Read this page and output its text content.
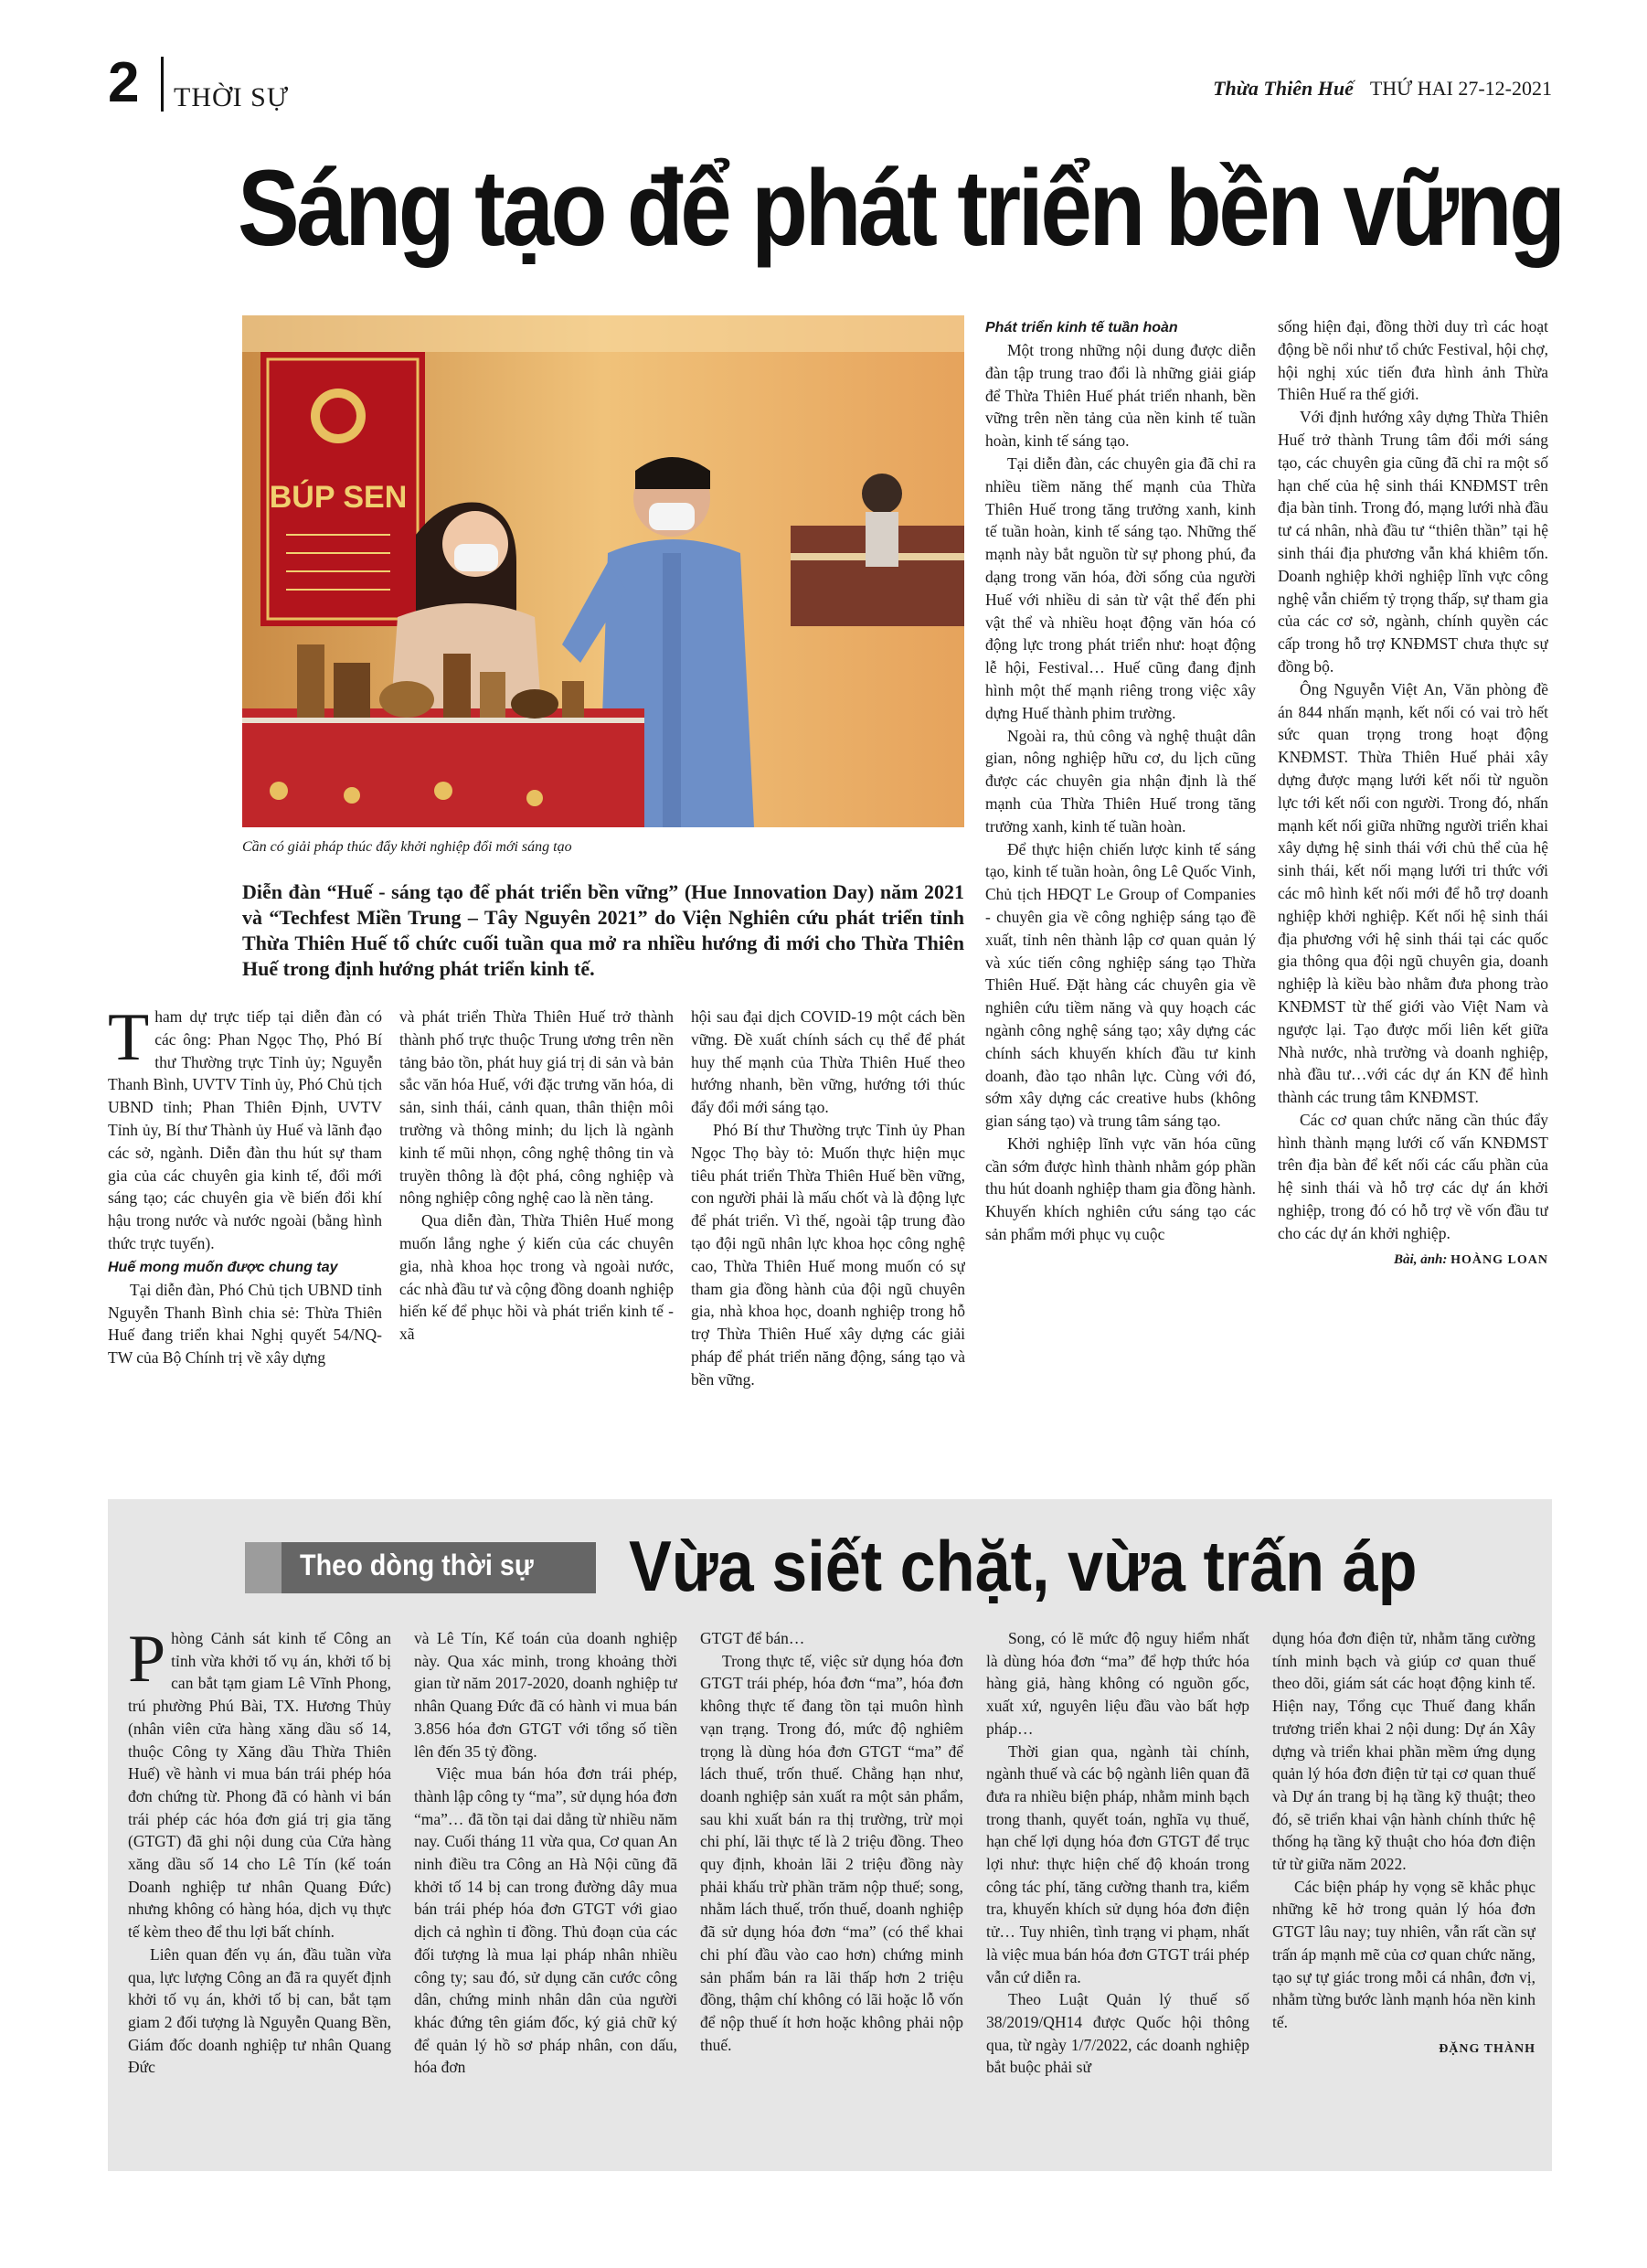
2 THỜI SỰ	Thừa Thiên Huế THỨ HAI 27-12-2021
Sáng tạo để phát triển bền vững
BÚP SEN
Cần có giải pháp thúc đẩy khởi nghiệp đổi mới sáng tạo
Diễn đàn “Huế - sáng tạo để phát triển bền vững” (Hue Innovation Day) năm 2021 và “Techfest Miền Trung – Tây Nguyên 2021” do Viện Nghiên cứu phát triển tỉnh Thừa Thiên Huế tổ chức cuối tuần qua mở ra nhiều hướng đi mới cho Thừa Thiên Huế trong định hướng phát triển kinh tế.

Tham dự trực tiếp tại diễn đàn có các ông: Phan Ngọc Thọ, Phó Bí thư Thường trực Tỉnh ủy; Nguyễn Thanh Bình, UVTV Tỉnh ủy, Phó Chủ tịch UBND tỉnh; Phan Thiên Định, UVTV Tỉnh ủy, Bí thư Thành ủy Huế và lãnh đạo các sở, ngành. Diễn đàn thu hút sự tham gia của các chuyên gia kinh tế, đổi mới sáng tạo; các chuyên gia về biến đổi khí hậu trong nước và nước ngoài (bằng hình thức trực tuyến).

Huế mong muốn được chung tay

Tại diễn đàn, Phó Chủ tịch UBND tỉnh Nguyễn Thanh Bình chia sẻ: Thừa Thiên Huế đang triển khai Nghị quyết 54/NQ-TW của Bộ Chính trị về xây dựng

và phát triển Thừa Thiên Huế trở thành thành phố trực thuộc Trung ương trên nền tảng bảo tồn, phát huy giá trị di sản và bản sắc văn hóa Huế, với đặc trưng văn hóa, di sản, sinh thái, cảnh quan, thân thiện môi trường và thông minh; du lịch là ngành kinh tế mũi nhọn, công nghệ thông tin và truyền thông là đột phá, công nghiệp và nông nghiệp công nghệ cao là nền tảng.

Qua diễn đàn, Thừa Thiên Huế mong muốn lắng nghe ý kiến của các chuyên gia, nhà khoa học trong và ngoài nước, các nhà đầu tư và cộng đồng doanh nghiệp hiến kế để phục hồi và phát triển kinh tế - xã

hội sau đại dịch COVID-19 một cách bền vững. Đề xuất chính sách cụ thể để phát huy thế mạnh của Thừa Thiên Huế theo hướng nhanh, bền vững, hướng tới thúc đẩy đổi mới sáng tạo.

Phó Bí thư Thường trực Tỉnh ủy Phan Ngọc Thọ bày tỏ: Muốn thực hiện mục tiêu phát triển Thừa Thiên Huế bền vững, con người phải là mấu chốt và là động lực để phát triển. Vì thế, ngoài tập trung đào tạo đội ngũ nhân lực khoa học công nghệ cao, Thừa Thiên Huế mong muốn có sự tham gia đồng hành của đội ngũ chuyên gia, nhà khoa học, doanh nghiệp trong hỗ trợ Thừa Thiên Huế xây dựng các giải pháp để phát triển năng động, sáng tạo và bền vững.

Phát triển kinh tế tuần hoàn

Một trong những nội dung được diễn đàn tập trung trao đổi là những giải giáp để Thừa Thiên Huế phát triển nhanh, bền vững trên nền tảng của nền kinh tế tuần hoàn, kinh tế sáng tạo.

Tại diễn đàn, các chuyên gia đã chỉ ra nhiều tiềm năng thế mạnh của Thừa Thiên Huế trong tăng trưởng xanh, kinh tế tuần hoàn, kinh tế sáng tạo. Những thế mạnh này bắt nguồn từ sự phong phú, đa dạng trong văn hóa, đời sống của người Huế với nhiều di sản từ vật thể đến phi vật thể và nhiều hoạt động văn hóa có động lực trong phát triển như: hoạt động lễ hội, Festival… Huế cũng đang định hình một thế mạnh riêng trong việc xây dựng Huế thành phim trường.

Ngoài ra, thủ công và nghệ thuật dân gian, nông nghiệp hữu cơ, du lịch cũng được các chuyên gia nhận định là thế mạnh của Thừa Thiên Huế trong tăng trưởng xanh, kinh tế tuần hoàn.

Để thực hiện chiến lược kinh tế sáng tạo, kinh tế tuần hoàn, ông Lê Quốc Vinh, Chủ tịch HĐQT Le Group of Companies - chuyên gia về công nghiệp sáng tạo đề xuất, tỉnh nên thành lập cơ quan quản lý và xúc tiến công nghiệp sáng tạo Thừa Thiên Huế. Đặt hàng các chuyên gia về nghiên cứu tiềm năng và quy hoạch các ngành công nghệ sáng tạo; xây dựng các chính sách khuyến khích đầu tư kinh doanh, đào tạo nhân lực. Cùng với đó, sớm xây dựng các creative hubs (không gian sáng tạo) và trung tâm sáng tạo.

Khởi nghiệp lĩnh vực văn hóa cũng cần sớm được hình thành nhằm góp phần thu hút doanh nghiệp tham gia đồng hành. Khuyến khích nghiên cứu sáng tạo các sản phẩm mới phục vụ cuộc

sống hiện đại, đồng thời duy trì các hoạt động bề nổi như tổ chức Festival, hội chợ, hội nghị xúc tiến đưa hình ảnh Thừa Thiên Huế ra thế giới.

Với định hướng xây dựng Thừa Thiên Huế trở thành Trung tâm đổi mới sáng tạo, các chuyên gia cũng đã chỉ ra một số hạn chế của hệ sinh thái KNĐMST trên địa bàn tỉnh. Trong đó, mạng lưới nhà đầu tư cá nhân, nhà đầu tư “thiên thần” tại hệ sinh thái địa phương vẫn khá khiêm tốn. Doanh nghiệp khởi nghiệp lĩnh vực công nghệ vẫn chiếm tỷ trọng thấp, sự tham gia của các cơ sở, ngành, chính quyền các cấp trong hỗ trợ KNĐMST chưa thực sự đồng bộ.

Ông Nguyễn Việt An, Văn phòng đề án 844 nhấn mạnh, kết nối có vai trò hết sức quan trọng trong hoạt động KNĐMST. Thừa Thiên Huế phải xây dựng được mạng lưới kết nối từ nguồn lực tới kết nối con người. Trong đó, nhấn mạnh kết nối giữa những người triển khai xây dựng hệ sinh thái với chủ thể của hệ sinh thái, kết nối mạng lưới tri thức với các mô hình kết nối mới để hỗ trợ doanh nghiệp khởi nghiệp. Kết nối hệ sinh thái địa phương với hệ sinh thái tại các quốc gia thông qua đội ngũ chuyên gia, doanh nghiệp là kiều bào nhằm đưa phong trào KNĐMST từ thế giới vào Việt Nam và ngược lại. Tạo được mối liên kết giữa Nhà nước, nhà trường và doanh nghiệp, nhà đầu tư…với các dự án KN để hình thành các trung tâm KNĐMST.

Các cơ quan chức năng cần thúc đẩy hình thành mạng lưới cố vấn KNĐMST trên địa bàn để kết nối các cấu phần của hệ sinh thái và hỗ trợ các dự án khởi nghiệp, trong đó có hỗ trợ về vốn đầu tư cho các dự án khởi nghiệp.

Bài, ảnh: HOÀNG LOAN
Theo dòng thời sự Vừa siết chặt, vừa trấn áp

Phòng Cảnh sát kinh tế Công an tỉnh vừa khởi tố vụ án, khởi tố bị can bắt tạm giam Lê Vĩnh Phong, trú phường Phú Bài, TX. Hương Thủy (nhân viên cửa hàng xăng dầu số 14, thuộc Công ty Xăng dầu Thừa Thiên Huế) về hành vi mua bán trái phép hóa đơn chứng từ. Phong đã có hành vi bán trái phép các hóa đơn giá trị gia tăng (GTGT) đã ghi nội dung của Cửa hàng xăng dầu số 14 cho Lê Tín (kế toán Doanh nghiệp tư nhân Quang Đức) nhưng không có hàng hóa, dịch vụ thực tế kèm theo để thu lợi bất chính.

Liên quan đến vụ án, đầu tuần vừa qua, lực lượng Công an đã ra quyết định khởi tố vụ án, khởi tố bị can, bắt tạm giam 2 đối tượng là Nguyễn Quang Bền, Giám đốc doanh nghiệp tư nhân Quang Đức

và Lê Tín, Kế toán của doanh nghiệp này. Qua xác minh, trong khoảng thời gian từ năm 2017-2020, doanh nghiệp tư nhân Quang Đức đã có hành vi mua bán 3.856 hóa đơn GTGT với tổng số tiền lên đến 35 tỷ đồng.

Việc mua bán hóa đơn trái phép, thành lập công ty “ma”, sử dụng hóa đơn “ma”… đã tồn tại dai dẳng từ nhiều năm nay. Cuối tháng 11 vừa qua, Cơ quan An ninh điều tra Công an Hà Nội cũng đã khởi tố 14 bị can trong đường dây mua bán trái phép hóa đơn GTGT với giao dịch cả nghìn tỉ đồng. Thủ đoạn của các đối tượng là mua lại pháp nhân nhiều công ty; sau đó, sử dụng căn cước công dân, chứng minh nhân dân của người khác đứng tên giám đốc, ký giả chữ ký để quản lý hồ sơ pháp nhân, con dấu, hóa đơn

GTGT để bán…

Trong thực tế, việc sử dụng hóa đơn GTGT trái phép, hóa đơn “ma”, hóa đơn không thực tế đang tồn tại muôn hình vạn trạng. Trong đó, mức độ nghiêm trọng là dùng hóa đơn GTGT “ma” để lách thuế, trốn thuế. Chẳng hạn như, doanh nghiệp sản xuất ra một sản phẩm, sau khi xuất bán ra thị trường, trừ mọi chi phí, lãi thực tế là 2 triệu đồng. Theo quy định, khoản lãi 2 triệu đồng này phải khấu trừ phần trăm nộp thuế; song, nhằm lách thuế, trốn thuế, doanh nghiệp đã sử dụng hóa đơn “ma” (có thể khai chi phí đầu vào cao hơn) chứng minh sản phẩm bán ra lãi thấp hơn 2 triệu đồng, thậm chí không có lãi hoặc lỗ vốn để nộp thuế ít hơn hoặc không phải nộp thuế.

Song, có lẽ mức độ nguy hiểm nhất là dùng hóa đơn “ma” để hợp thức hóa hàng giả, hàng không có nguồn gốc, xuất xứ, nguyên liệu đầu vào bất hợp pháp…

Thời gian qua, ngành tài chính, ngành thuế và các bộ ngành liên quan đã đưa ra nhiều biện pháp, nhằm minh bạch trong thanh, quyết toán, nghĩa vụ thuế, hạn chế lợi dụng hóa đơn GTGT để trục lợi như: thực hiện chế độ khoán trong công tác phí, tăng cường thanh tra, kiểm tra, khuyến khích sử dụng hóa đơn điện tử… Tuy nhiên, tình trạng vi phạm, nhất là việc mua bán hóa đơn GTGT trái phép vẫn cứ diễn ra.

Theo Luật Quản lý thuế số 38/2019/QH14 được Quốc hội thông qua, từ ngày 1/7/2022, các doanh nghiệp bắt buộc phải sử

dụng hóa đơn điện tử, nhằm tăng cường tính minh bạch và giúp cơ quan thuế theo dõi, giám sát các hoạt động kinh tế. Hiện nay, Tổng cục Thuế đang khẩn trương triển khai 2 nội dung: Dự án Xây dựng và triển khai phần mềm ứng dụng quản lý hóa đơn điện tử tại cơ quan thuế và Dự án trang bị hạ tầng kỹ thuật; theo đó, sẽ triển khai vận hành chính thức hệ thống hạ tầng kỹ thuật cho hóa đơn điện tử từ giữa năm 2022.

Các biện pháp hy vọng sẽ khắc phục những kẽ hở trong quản lý hóa đơn GTGT lâu nay; tuy nhiên, vẫn rất cần sự trấn áp mạnh mẽ của cơ quan chức năng, tạo sự tự giác trong mỗi cá nhân, đơn vị, nhằm từng bước lành mạnh hóa nền kinh tế.

ĐẶNG THÀNH
